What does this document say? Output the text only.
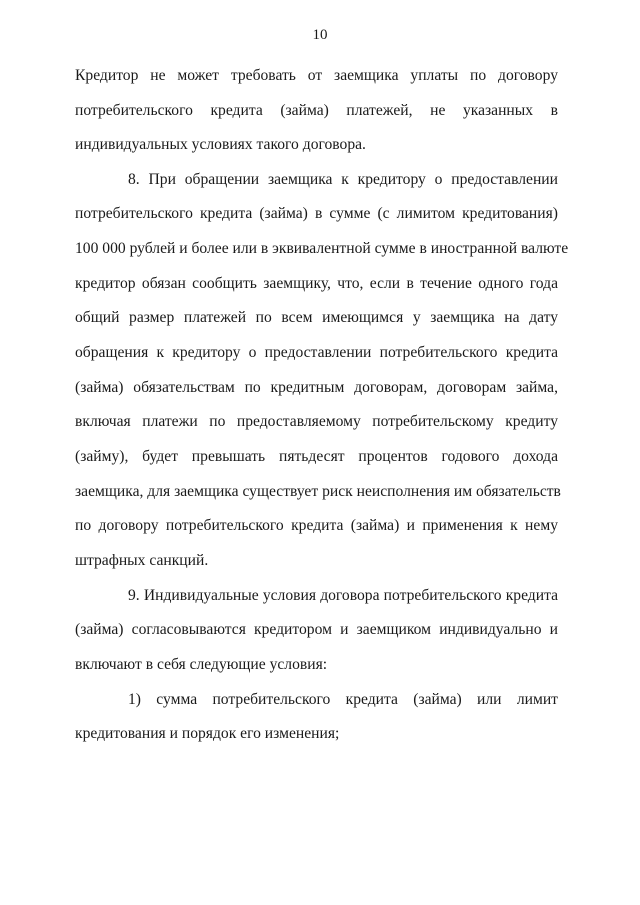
10
Кредитор не может требовать от заемщика уплаты по договору
потребительского кредита (займа) платежей, не указанных в
индивидуальных условиях такого договора.
8. При обращении заемщика к кредитору о предоставлении
потребительского кредита (займа) в сумме (с лимитом кредитования)
100 000 рублей и более или в эквивалентной сумме в иностранной валюте
кредитор обязан сообщить заемщику, что, если в течение одного года
общий размер платежей по всем имеющимся у заемщика на дату
обращения к кредитору о предоставлении потребительского кредита
(займа) обязательствам по кредитным договорам, договорам займа,
включая платежи по предоставляемому потребительскому кредиту
(займу), будет превышать пятьдесят процентов годового дохода
заемщика, для заемщика существует риск неисполнения им обязательств
по договору потребительского кредита (займа) и применения к нему
штрафных санкций.
9. Индивидуальные условия договора потребительского кредита
(займа) согласовываются кредитором и заемщиком индивидуально и
включают в себя следующие условия:
1) сумма потребительского кредита (займа) или лимит
кредитования и порядок его изменения;
